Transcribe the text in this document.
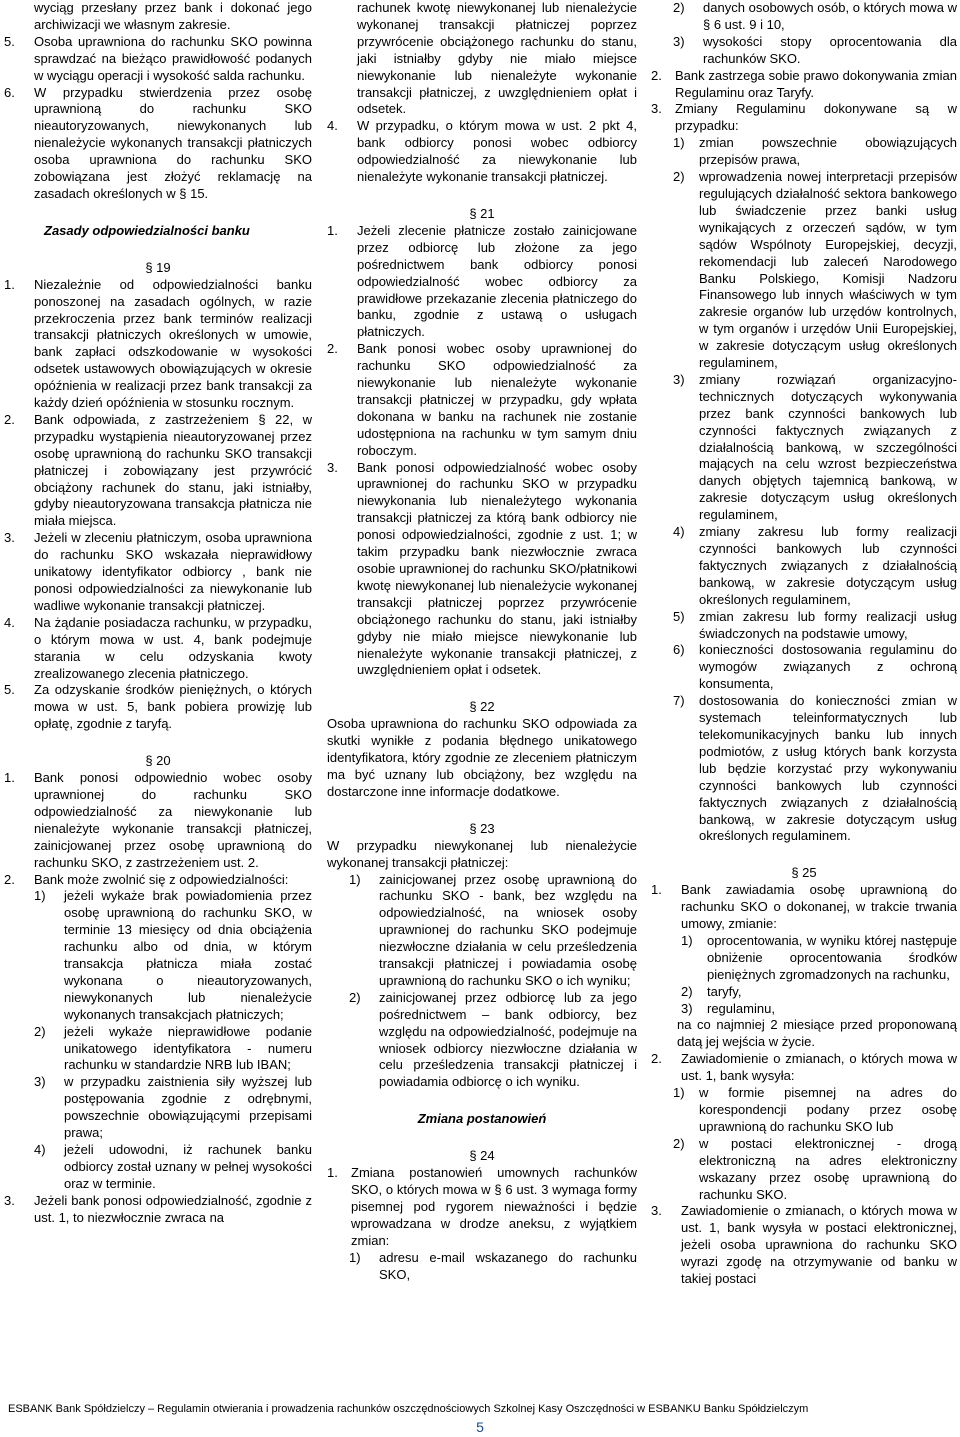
wyciąg przesłany przez bank i dokonać jego archiwizacji we własnym zakresie.

5.	Osoba uprawniona do rachunku SKO powinna sprawdzać na bieżąco prawidłowość podanych w wyciągu operacji i wysokość salda rachunku.
6.	W przypadku stwierdzenia przez osobę uprawnioną do rachunku SKO nieautoryzowanych, niewykonanych lub nienależycie wykonanych transakcji płatniczych osoba uprawniona do rachunku SKO zobowiązana jest złożyć reklamację na zasadach określonych w § 15.

Zasady odpowiedzialności banku

§ 19

1.	Niezależnie od odpowiedzialności banku ponoszonej na zasadach ogólnych, w razie przekroczenia przez bank terminów realizacji transakcji płatniczych określonych w umowie, bank zapłaci odszkodowanie w wysokości odsetek ustawowych obowiązujących w okresie opóźnienia w realizacji przez bank transakcji za każdy dzień opóźnienia w stosunku rocznym.
2.	Bank odpowiada, z zastrzeżeniem § 22, w przypadku wystąpienia nieautoryzowanej przez osobę uprawnioną do rachunku SKO transakcji płatniczej i zobowiązany jest przywrócić obciążony rachunek do stanu, jaki istniałby, gdyby nieautoryzowana transakcja płatnicza nie miała miejsca.
3.	Jeżeli w zleceniu płatniczym, osoba uprawniona do rachunku SKO wskazała nieprawidłowy unikatowy identyfikator odbiorcy , bank nie ponosi odpowiedzialności za niewykonanie lub wadliwe wykonanie transakcji płatniczej.
4.	Na żądanie posiadacza rachunku, w przypadku, o którym mowa w ust. 4, bank podejmuje starania w celu odzyskania kwoty zrealizowanego zlecenia płatniczego.
5.	Za odzyskanie środków pieniężnych, o których mowa w ust. 5, bank pobiera prowizję lub opłatę, zgodnie z taryfą.

§ 20

1.	Bank ponosi odpowiednio wobec osoby uprawnionej do rachunku SKO odpowiedzialność za niewykonanie lub nienależyte wykonanie transakcji płatniczej, zainicjowanej przez osobę uprawnioną do rachunku SKO, z zastrzeżeniem ust. 2.
2.	Bank może zwolnić się z odpowiedzialności:
1)	jeżeli wykaże brak powiadomienia przez osobę uprawnioną do rachunku SKO, w terminie 13 miesięcy od dnia obciążenia rachunku albo od dnia, w którym transakcja płatnicza miała zostać wykonana o nieautoryzowanych, niewykonanych lub nienależycie wykonanych transakcjach płatniczych;
2)	jeżeli wykaże nieprawidłowe podanie unikatowego identyfikatora - numeru rachunku w standardzie NRB lub IBAN;
3)	w przypadku zaistnienia siły wyższej lub postępowania zgodnie z odrębnymi, powszechnie obowiązującymi przepisami prawa;
4)	jeżeli udowodni, iż rachunek banku odbiorcy został uznany w pełnej wysokości oraz w terminie.
3.	Jeżeli bank ponosi odpowiedzialność, zgodnie z ust. 1, to niezwłocznie zwraca na

rachunek kwotę niewykonanej lub nienależycie wykonanej transakcji płatniczej poprzez przywrócenie obciążonego rachunku do stanu, jaki istniałby gdyby nie miało miejsce niewykonanie lub nienależyte wykonanie transakcji płatniczej, z uwzględnieniem opłat i odsetek.

4.	W przypadku, o którym mowa w ust. 2 pkt 4, bank odbiorcy ponosi wobec odbiorcy odpowiedzialność za niewykonanie lub nienależyte wykonanie transakcji płatniczej.

§ 21

1.	Jeżeli zlecenie płatnicze zostało zainicjowane przez odbiorcę lub złożone za jego pośrednictwem bank odbiorcy ponosi odpowiedzialność wobec odbiorcy za prawidłowe przekazanie zlecenia płatniczego do banku, zgodnie z ustawą o usługach płatniczych.
2.	Bank ponosi wobec osoby uprawnionej do rachunku SKO odpowiedzialność za niewykonanie lub nienależyte wykonanie transakcji płatniczej w przypadku, gdy wpłata dokonana w banku na rachunek nie zostanie udostępniona na rachunku w tym samym dniu roboczym.
3.	Bank ponosi odpowiedzialność wobec osoby uprawnionej do rachunku SKO w przypadku niewykonania lub nienależytego wykonania transakcji płatniczej za którą bank odbiorcy nie ponosi odpowiedzialności, zgodnie z ust. 1; w takim przypadku bank niezwłocznie zwraca osobie uprawnionej do rachunku SKO/płatnikowi kwotę niewykonanej lub nienależycie wykonanej transakcji płatniczej poprzez przywrócenie obciążonego rachunku do stanu, jaki istniałby gdyby nie miało miejsce niewykonanie lub nienależyte wykonanie transakcji płatniczej, z uwzględnieniem opłat i odsetek.

§ 22

Osoba uprawniona do rachunku SKO odpowiada za skutki wynikłe z podania błędnego unikatowego identyfikatora, który zgodnie ze zleceniem płatniczym ma być uznany lub obciążony, bez względu na dostarczone inne informacje dodatkowe.

§ 23

W przypadku niewykonanej lub nienależycie wykonanej transakcji płatniczej:

1)	zainicjowanej przez osobę uprawnioną do rachunku SKO - bank, bez względu na odpowiedzialność, na wniosek osoby uprawnionej do rachunku SKO podejmuje niezwłoczne działania w celu prześledzenia transakcji płatniczej i powiadamia osobę uprawnioną do rachunku SKO o ich wyniku;
2)	zainicjowanej przez odbiorcę lub za jego pośrednictwem – bank odbiorcy, bez względu na odpowiedzialność, podejmuje na wniosek odbiorcy niezwłoczne działania w celu prześledzenia transakcji płatniczej i powiadamia odbiorcę o ich wyniku.

Zmiana postanowień

§ 24

1.	Zmiana postanowień umownych rachunków SKO, o których mowa w § 6 ust. 3 wymaga formy pisemnej pod rygorem nieważności i będzie wprowadzana w drodze aneksu, z wyjątkiem zmian:
1)	adresu e-mail wskazanego do rachunku SKO,
2)	danych osobowych osób, o których mowa w § 6 ust. 9 i 10,
3)	wysokości stopy oprocentowania dla rachunków SKO.
2.	Bank zastrzega sobie prawo dokonywania zmian Regulaminu oraz Taryfy.
3.	Zmiany Regulaminu dokonywane są w przypadku:
1)	zmian powszechnie obowiązujących przepisów prawa,
2)	wprowadzenia nowej interpretacji przepisów regulujących działalność sektora bankowego lub świadczenie przez banki usług wynikających z orzeczeń sądów, w tym sądów Wspólnoty Europejskiej, decyzji, rekomendacji lub zaleceń Narodowego Banku Polskiego, Komisji Nadzoru Finansowego lub innych właściwych w tym zakresie organów lub urzędów kontrolnych, w tym organów i urzędów Unii Europejskiej, w zakresie dotyczącym usług określonych regulaminem,
3)	zmiany rozwiązań organizacyjno-technicznych dotyczących wykonywania przez bank czynności bankowych lub czynności faktycznych związanych z działalnością bankową, w szczególności mających na celu wzrost bezpieczeństwa danych objętych tajemnicą bankową, w zakresie dotyczącym usług określonych regulaminem,
4)	zmiany zakresu lub formy realizacji czynności bankowych lub czynności faktycznych związanych z działalnością bankową, w zakresie dotyczącym usług określonych regulaminem,
5)	zmian zakresu lub formy realizacji usług świadczonych na podstawie umowy,
6)	konieczności dostosowania regulaminu do wymogów związanych z ochroną konsumenta,
7)	dostosowania do konieczności zmian w systemach teleinformatycznych lub telekomunikacyjnych banku lub innych podmiotów, z usług których bank korzysta lub będzie korzystać przy wykonywaniu czynności bankowych lub czynności faktycznych związanych z działalnością bankową, w zakresie dotyczącym usług określonych regulaminem.

§ 25

1.	Bank zawiadamia osobę uprawnioną do rachunku SKO o dokonanej, w trakcie trwania umowy, zmianie:
1)	oprocentowania, w wyniku której następuje obniżenie oprocentowania środków pieniężnych zgromadzonych na rachunku,
2)	taryfy,
3)	regulaminu,

na co najmniej 2 miesiące przed proponowaną datą jej wejścia w życie.

2.	Zawiadomienie o zmianach, o których mowa w ust. 1, bank wysyła:
1)	w formie pisemnej na adres do korespondencji podany przez osobę uprawnioną do rachunku SKO lub
2)	w postaci elektronicznej - drogą elektroniczną na adres elektroniczny wskazany przez osobę uprawnioną do rachunku SKO.
3.	Zawiadomienie o zmianach, o których mowa w ust. 1, bank wysyła w postaci elektronicznej, jeżeli osoba uprawniona do rachunku SKO wyrazi zgodę na otrzymywanie od banku w takiej postaci
ESBANK Bank Spółdzielczy – Regulamin otwierania i prowadzenia rachunków oszczędnościowych Szkolnej Kasy Oszczędności w ESBANKU Banku Spółdzielczym
5
